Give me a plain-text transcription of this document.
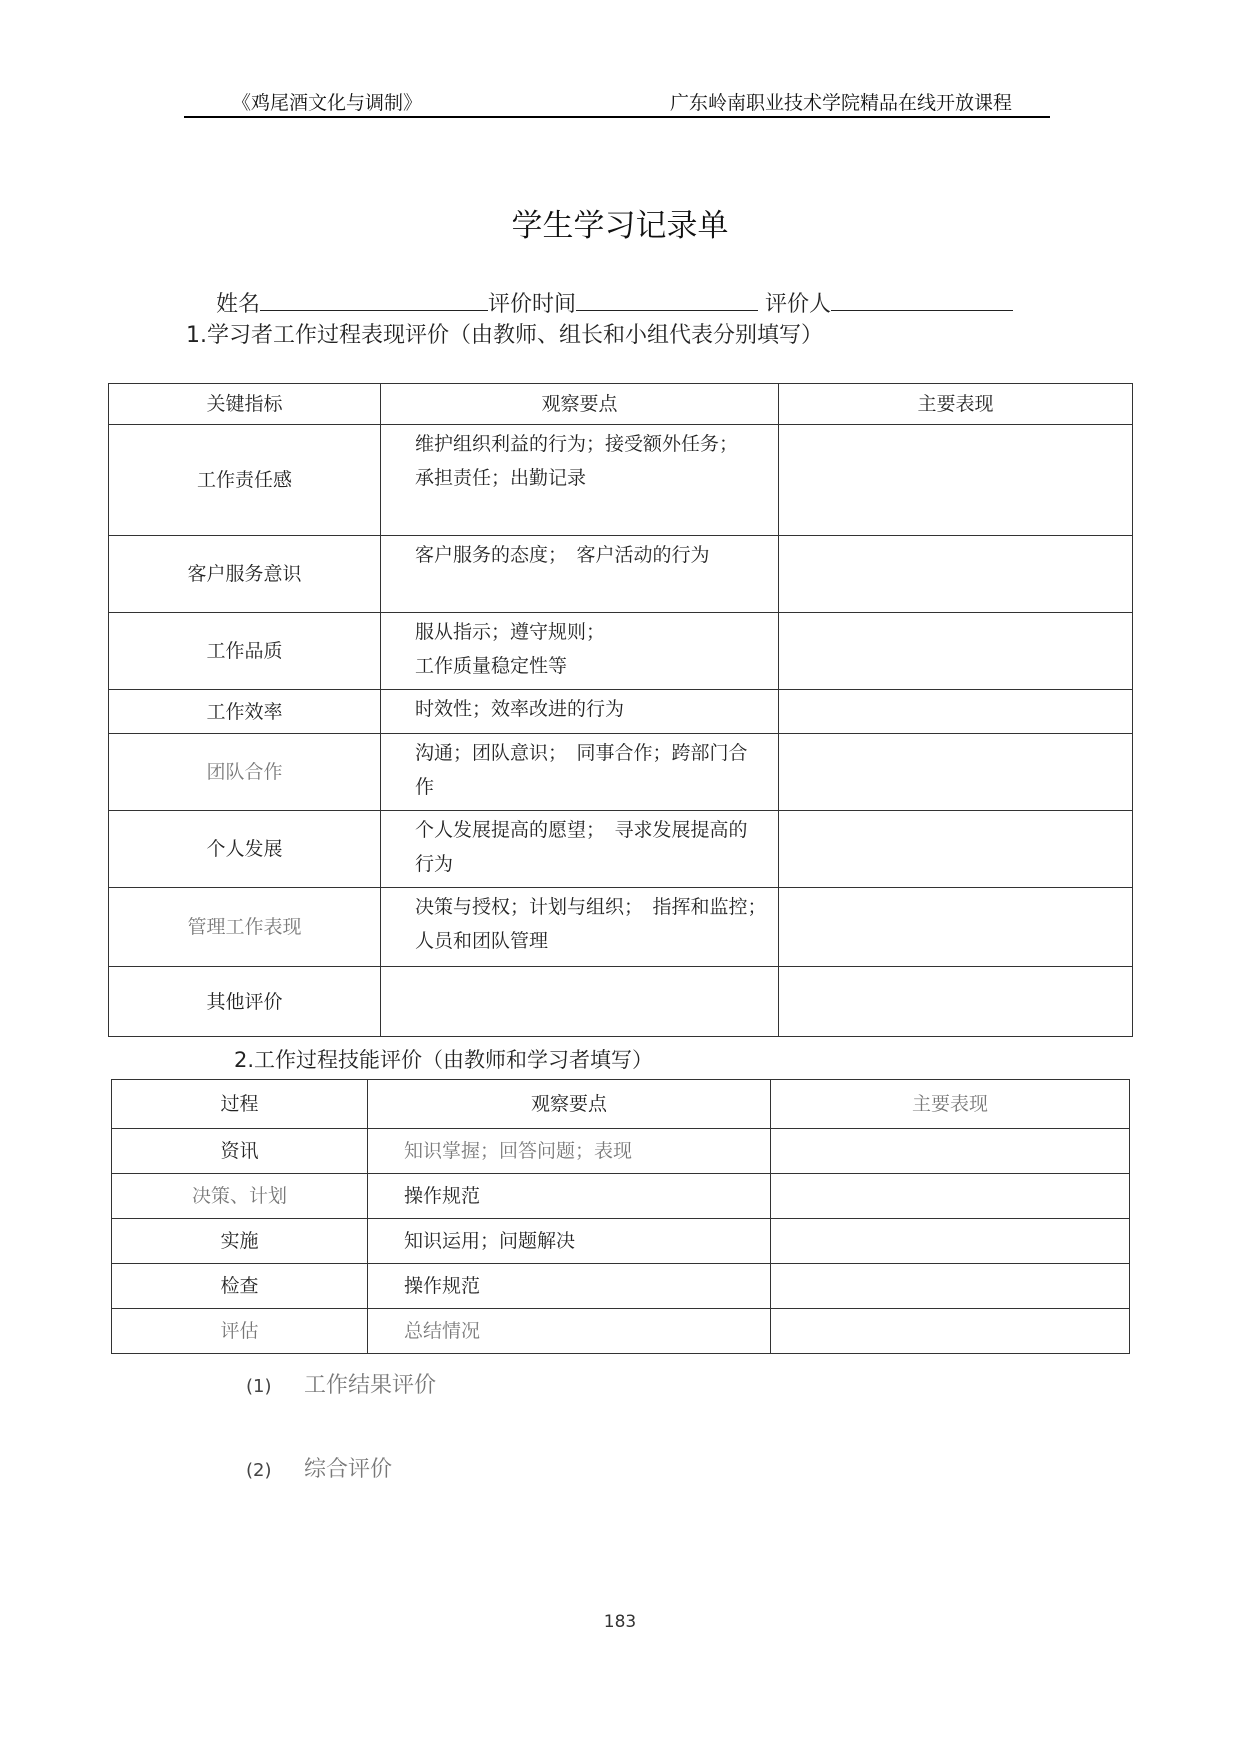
《鸡尾酒文化与调制》	广东岭南职业技术学院精品在线开放课程
学生学习记录单
姓名	评价时间	评价人
1.学习者工作过程表现评价（由教师、组长和小组代表分别填写）
关键指标	观察要点	主要表现
工作责任感	维护组织利益的行为；接受额外任务；
承担责任；出勤记录	

客户服务意识	客户服务的态度；　客户活动的行为	

工作品质	服从指示；遵守规则；
工作质量稳定性等	

工作效率	时效性；效率改进的行为	

团队合作	沟通；团队意识；　同事合作；跨部门合
作	

个人发展	个人发展提高的愿望；　寻求发展提高的
行为	

管理工作表现	决策与授权；计划与组织；　指挥和监控；
人员和团队管理	

其他评价		
2.工作过程技能评价（由教师和学习者填写）
过程	观察要点	主要表现
资讯	知识掌握；回答问题；表现	
决策、计划	操作规范	
实施	知识运用；问题解决	
检查	操作规范	
评估	总结情况	
(1) 工作结果评价
(2) 综合评价
183
